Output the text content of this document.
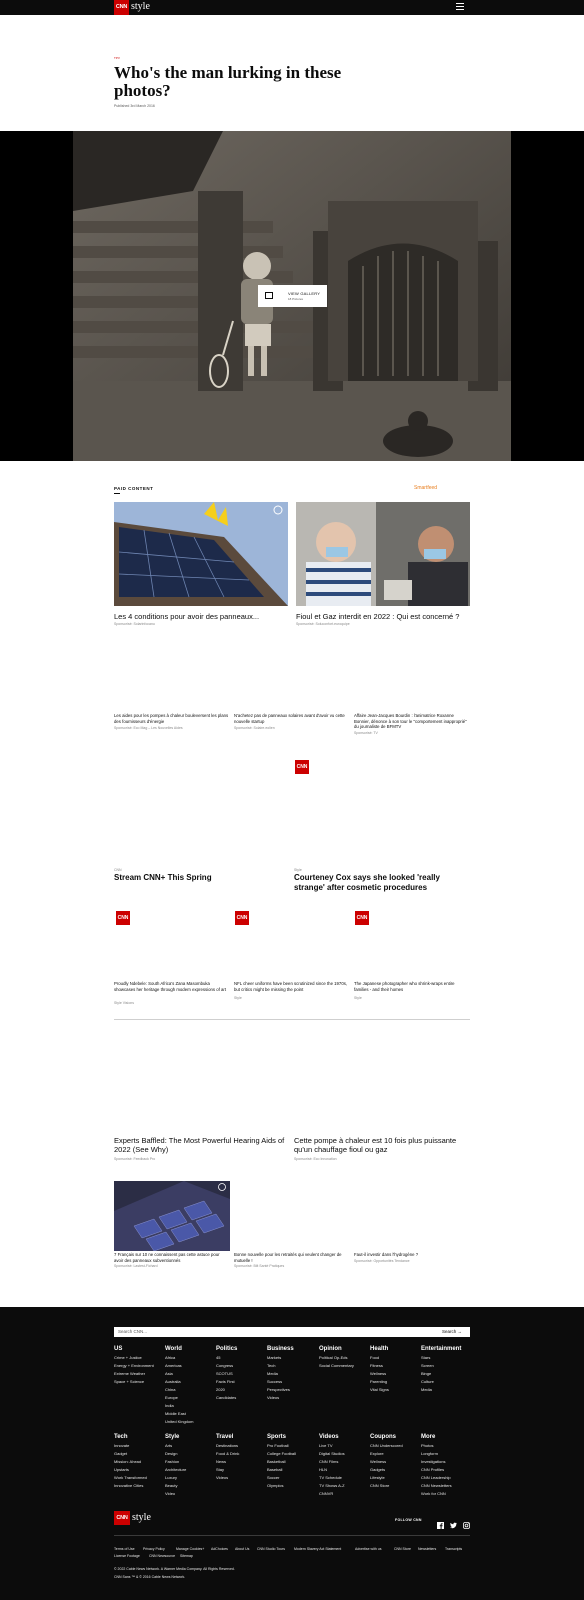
CNN style
TPV
Who's the man lurking in these photos?
Published 3rd March 2016
VIEW GALLERY
18 Pictures
PAID CONTENT	Smartfeed
Les 4 conditions pour avoir des panneaux...
Sponsorisé: Solarinfocanu
Fioul et Gaz interdit en 2022 : Qui est concerné ?
Sponsorisé: Soluconfort.euroquipe
Les aides pour les pompes à chaleur bouleversent les plans des fournisseurs d'énergie
Sponsorisé: Eco Mag – Les Nouvelles Aides
N'achetez pas de panneaux solaires avant d'avoir vu cette nouvelle startup
Sponsorisé: Solaire.eolien
Affaire Jean-Jacques Bourdin : l'animatrice Roxanne Bonnier, dénonce à son tour le "comportement inapproprié" du journaliste de BFMTV
Sponsorisé: TV
CNN
CNN
Stream CNN+ This Spring
Style
Courteney Cox says she looked 'really strange' after cosmetic procedures
CNN	CNN	CNN
Proudly Ndebele: South Africa's Zana Masombuka showcases her heritage through modern expressions of art
Style Visions
NFL cheer uniforms have been scrutinized since the 1970s, but critics might be missing the point
Style
The Japanese photographer who shrink-wraps entire families - and their homes
Style
Experts Baffled: The Most Powerful Hearing Aids of 2022 (See Why)
Sponsorisé: Feedback Pro
Cette pompe à chaleur est 10 fois plus puissante qu'un chauffage fioul ou gaz
Sponsorisé: Eco Innovation
7 Français sur 10 ne connaissent pas cette astuce pour avoir des panneaux subventionnés
Sponsorisé: Lastest-Fichard
Bonne nouvelle pour les retraités qui veulent changer de mutuelle !
Sponsorisé: Bilt Santé Pratiques
Faut-il investir dans l'hydrogène ?
Sponsorisé: Opportunités Tendance
Search CNN...	Search →
US
Crime + Justice
Energy + Environment
Extreme Weather
Space + Science
World
Africa
Americas
Asia
Australia
China
Europe
India
Middle East
United Kingdom
Politics
45
Congress
SCOTUS
Facts First
2020
Candidates
Business
Markets
Tech
Media
Success
Perspectives
Videos
Opinion
Political Op-Eds
Social Commentary
Health
Food
Fitness
Wellness
Parenting
Vital Signs
Entertainment
Stars
Screen
Binge
Culture
Media
Tech
Innovate
Gadget
Mission: Ahead
Upstarts
Work Transformed
Innovative Cities
Style
Arts
Design
Fashion
Architecture
Luxury
Beauty
Video
Travel
Destinations
Food & Drink
News
Stay
Videos
Sports
Pro Football
College Football
Basketball
Baseball
Soccer
Olympics
Videos
Live TV
Digital Studios
CNN Films
HLN
TV Schedule
TV Shows A-Z
CNNVR
Coupons
CNN Underscored
Explore
Wellness
Gadgets
Lifestyle
CNN Store
More
Photos
Longform
Investigations
CNN Profiles
CNN Leadership
CNN Newsletters
Work for CNN
CNN style	FOLLOW CNN
Terms of Use Privacy Policy	Manage Cookies+ AdChoices About Us CNN Studio Tours	Modern Slavery Act Statement	Advertise with us	CNN Store Newsletters Transcripts
License Footage	CNN Newsource Sitemap
© 2022 Cable News Network. A Warner Media Company. All Rights Reserved.
CNN Sans ™ & © 2016 Cable News Network.
